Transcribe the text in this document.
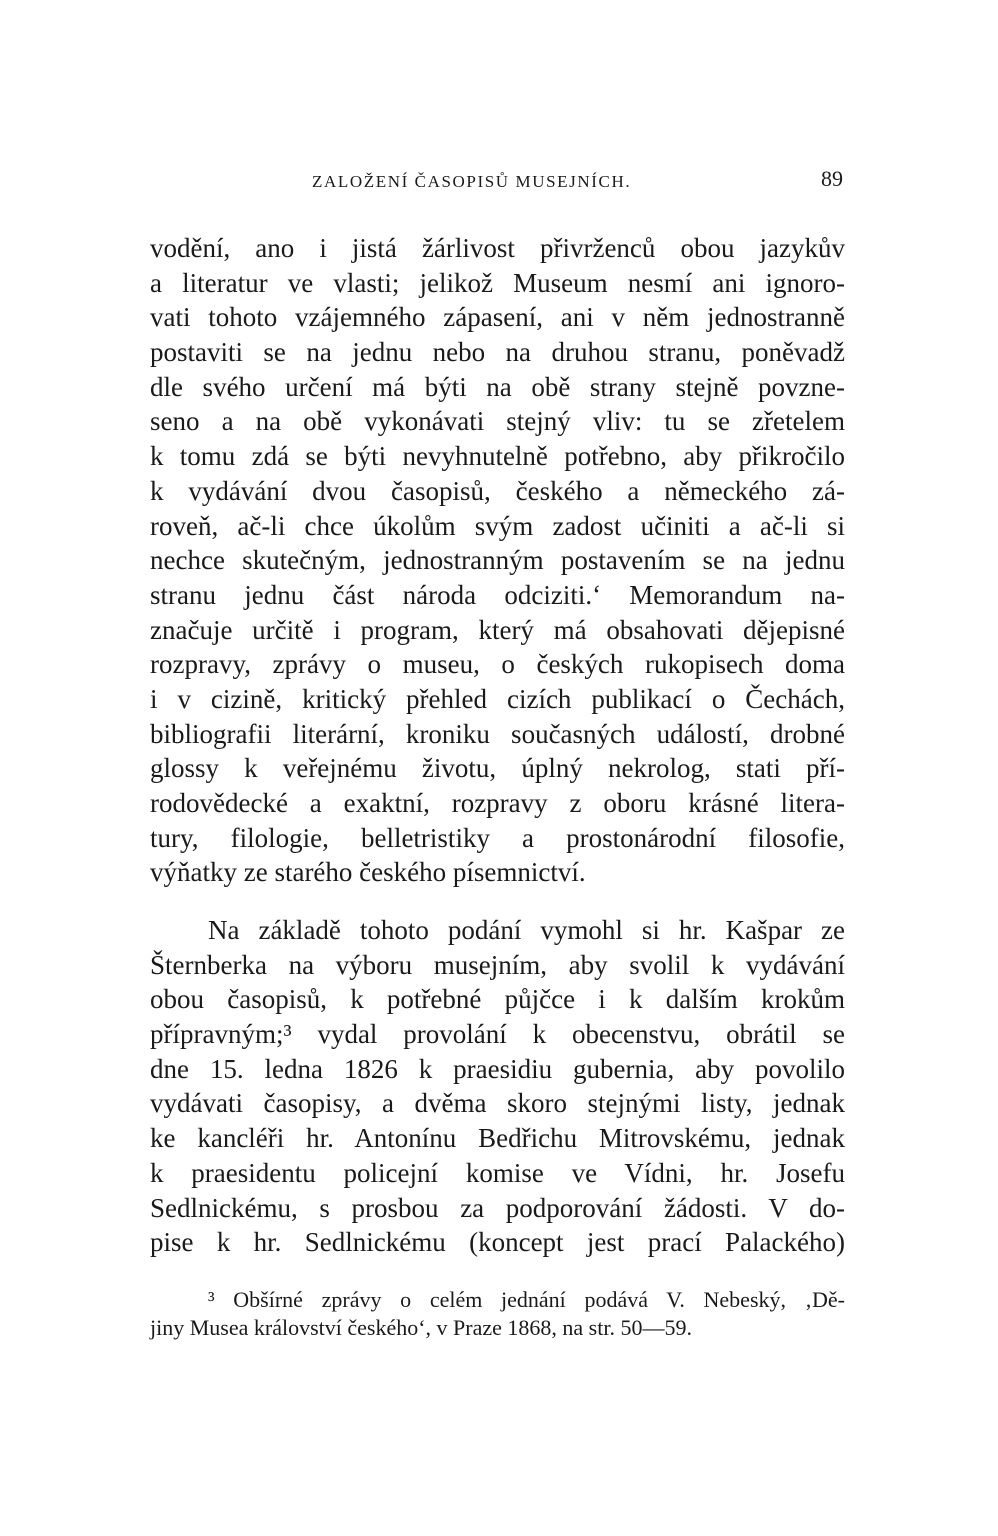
ZALOŽENÍ ČASOPISŮ MUSEJNÍCH.	89
vodění, ano i jistá žárlivost přivrženců obou jazykův
a literatur ve vlasti; jelikož Museum nesmí ani ignoro-
vati tohoto vzájemného zápasení, ani v něm jednostranně
postaviti se na jednu nebo na druhou stranu, poněvadž
dle svého určení má býti na obě strany stejně povzne-
seno a na obě vykonávati stejný vliv: tu se zřetelem
k tomu zdá se býti nevyhnutelně potřebno, aby přikročilo
k vydávání dvou časopisů, českého a německého zá-
roveň, ač-li chce úkolům svým zadost učiniti a ač-li si
nechce skutečným, jednostranným postavením se na jednu
stranu jednu část národa odciziti.‘ Memorandum na-
značuje určitě i program, který má obsahovati dějepisné
rozpravy, zprávy o museu, o českých rukopisech doma
i v cizině, kritický přehled cizích publikací o Čechách,
bibliografii literární, kroniku současných událostí, drobné
glossy k veřejnému životu, úplný nekrolog, stati pří-
rodovědecké a exaktní, rozpravy z oboru krásné litera-
tury, filologie, belletristiky a prostonárodní filosofie,
výňatky ze starého českého písemnictví.
Na základě tohoto podání vymohl si hr. Kašpar ze
Šternberka na výboru musejním, aby svolil k vydávání
obou časopisů, k potřebné půjčce i k dalším krokům
přípravným;³ vydal provolání k obecenstvu, obrátil se
dne 15. ledna 1826 k praesidiu gubernia, aby povolilo
vydávati časopisy, a dvěma skoro stejnými listy, jednak
ke kancléři hr. Antonínu Bedřichu Mitrovskému, jednak
k praesidentu policejní komise ve Vídni, hr. Josefu
Sedlnickému, s prosbou za podporování žádosti. V do-
pise k hr. Sedlnickému (koncept jest prací Palackého)
³ Obšírné zprávy o celém jednání podává V. Nebeský, ‚Dě-
jiny Musea království českého‘, v Praze 1868, na str. 50—59.
